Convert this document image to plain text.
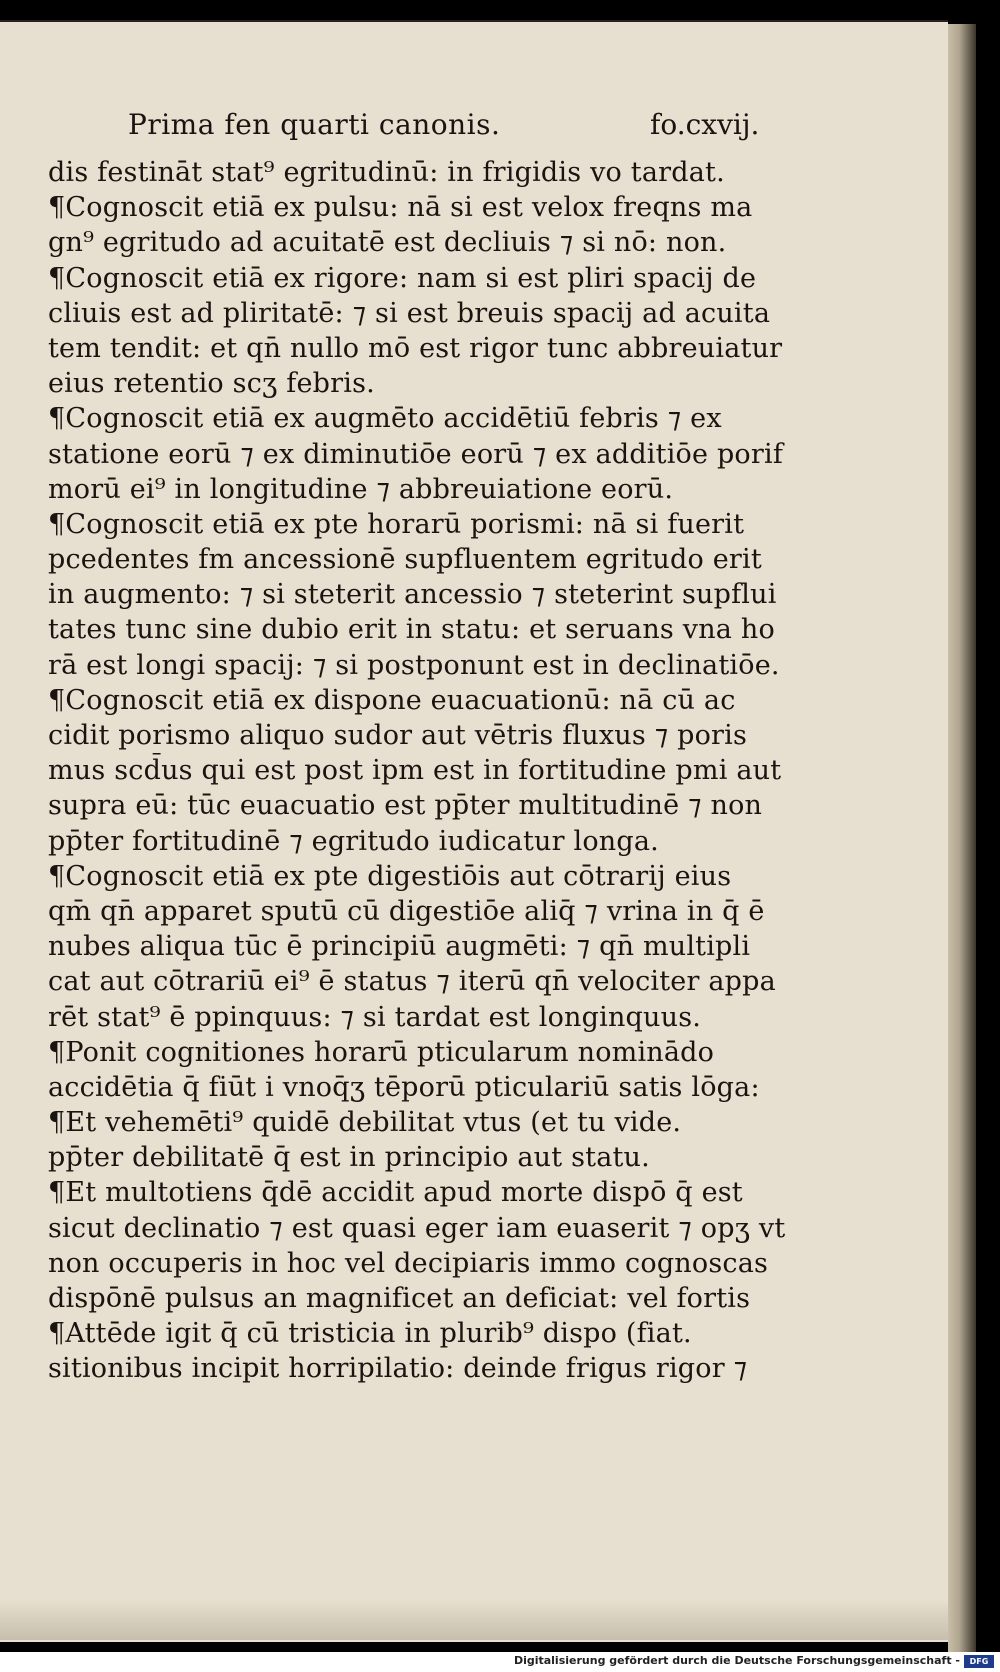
Prima fen quarti canonis.	fo.cxvij.
dis festināt stat⁹ egritudinū: in frigidis vo tardat.
¶Cognoscit etiā ex pulsu: nā si est velox freqns ma
gn⁹ egritudo ad acuitatē est decliuis ⁊ si nō: non.
¶Cognoscit etiā ex rigore: nam si est pliri spacij de
cliuis est ad pliritatē: ⁊ si est breuis spacij ad acuita
tem tendit: et qn̄ nullo mō est rigor tunc abbreuiatur
eius retentio scʒ febris.
¶Cognoscit etiā ex augmēto accidētiū febris ⁊ ex
statione eorū ⁊ ex diminutiōe eorū ⁊ ex additiōe porif
morū ei⁹ in longitudine ⁊ abbreuiatione eorū.
¶Cognoscit etiā ex pte horarū porismi: nā si fuerit
pcedentes fm ancessionē supfluentem egritudo erit
in augmento: ⁊ si steterit ancessio ⁊ steterint supflui
tates tunc sine dubio erit in statu: et seruans vna ho
rā est longi spacij: ⁊ si postponunt est in declinatiōe.
¶Cognoscit etiā ex dispone euacuationū: nā cū ac
cidit porismo aliquo sudor aut vētris fluxus ⁊ poris
mus scd̄us qui est post ipm est in fortitudine pmi aut
supra eū: tūc euacuatio est pp̄ter multitudinē ⁊ non
pp̄ter fortitudinē ⁊ egritudo iudicatur longa.
¶Cognoscit etiā ex pte digestiōis aut cōtrarij eius
qm̄ qn̄ apparet sputū cū digestiōe aliq̄ ⁊ vrina in q̄ ē
nubes aliqua tūc ē principiū augmēti: ⁊ qn̄ multipli
cat aut cōtrariū ei⁹ ē status ⁊ iterū qn̄ velociter appa
rēt stat⁹ ē ppinquus: ⁊ si tardat est longinquus.
¶Ponit cognitiones horarū pticularum nominādo
accidētia q̄ fiūt i vnoq̄ʒ tēporū pticulariū satis lōga:
¶Et vehemēti⁹ quidē debilitat vtus (et tu vide.
pp̄ter debilitatē q̄ est in principio aut statu.
¶Et multotiens q̄dē accidit apud morte dispō q̄ est
sicut declinatio ⁊ est quasi eger iam euaserit ⁊ opʒ vt
non occuperis in hoc vel decipiaris immo cognoscas
dispōnē pulsus an magnificet an deficiat: vel fortis
¶Attēde igit q̄ cū tristicia in plurib⁹ dispo (fiat.
sitionibus incipit horripilatio: deinde frigus rigor ⁊
Digitalisierung gefördert durch die Deutsche Forschungsgemeinschaft -	DFG
